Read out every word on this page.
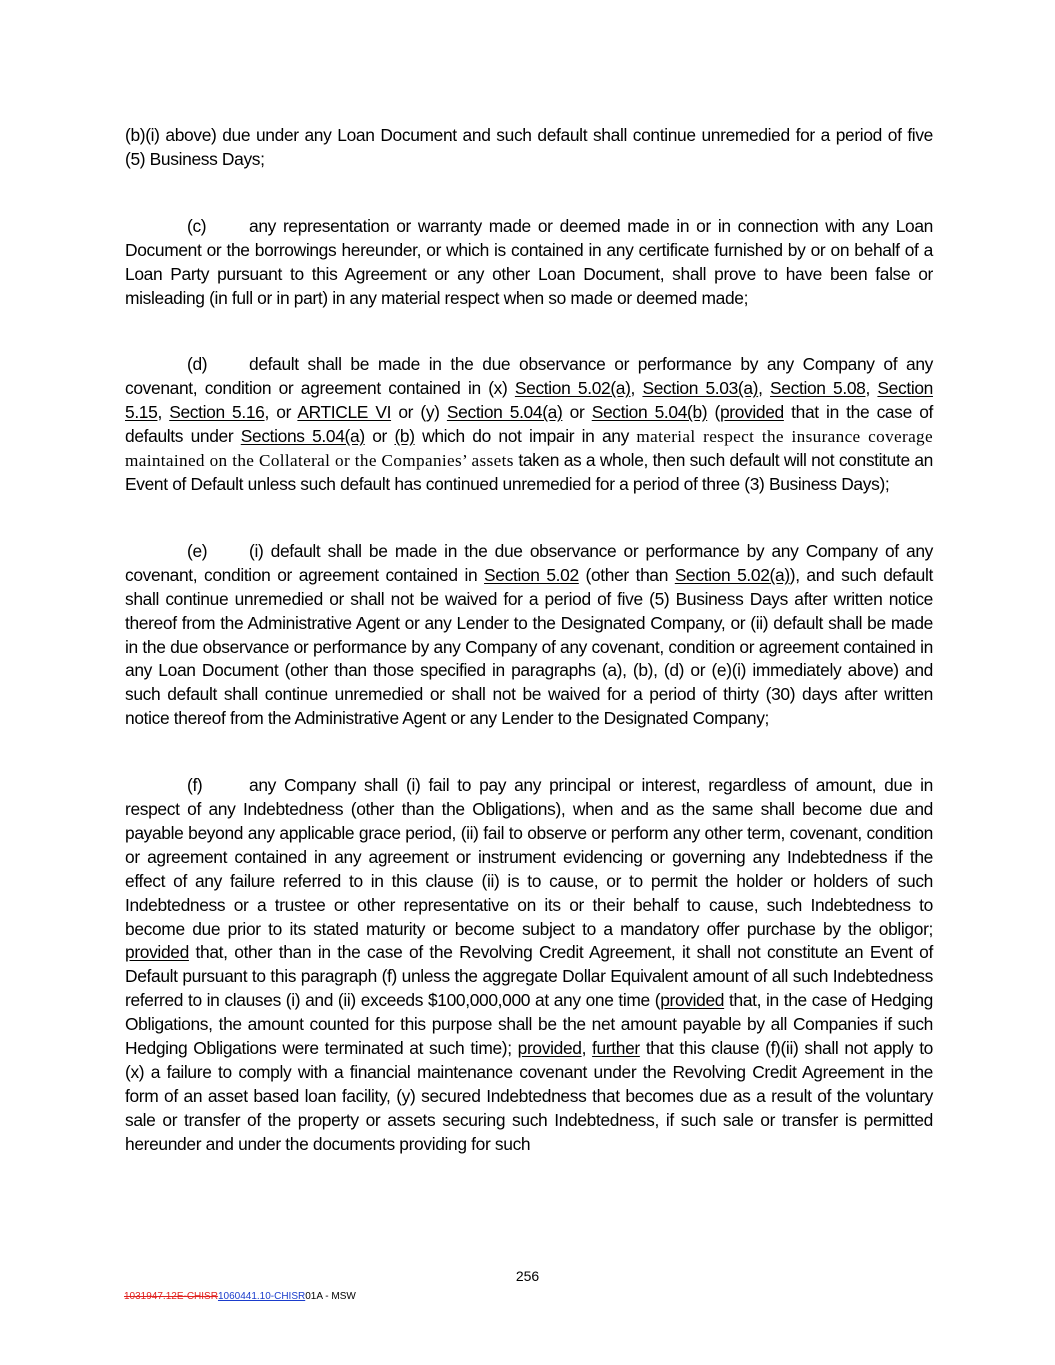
(b)(i) above) due under any Loan Document and such default shall continue unremedied for a period of five (5) Business Days;

(c) any representation or warranty made or deemed made in or in connection with any Loan Document or the borrowings hereunder, or which is contained in any certificate furnished by or on behalf of a Loan Party pursuant to this Agreement or any other Loan Document, shall prove to have been false or misleading (in full or in part) in any material respect when so made or deemed made;

(d) default shall be made in the due observance or performance by any Company of any covenant, condition or agreement contained in (x) Section 5.02(a), Section 5.03(a), Section 5.08, Section 5.15, Section 5.16, or ARTICLE VI or (y) Section 5.04(a) or Section 5.04(b) (provided that in the case of defaults under Sections 5.04(a) or (b) which do not impair in any material respect the insurance coverage maintained on the Collateral or the Companies’ assets taken as a whole, then such default will not constitute an Event of Default unless such default has continued unremedied for a period of three (3) Business Days);

(e) (i) default shall be made in the due observance or performance by any Company of any covenant, condition or agreement contained in Section 5.02 (other than Section 5.02(a)), and such default shall continue unremedied or shall not be waived for a period of five (5) Business Days after written notice thereof from the Administrative Agent or any Lender to the Designated Company, or (ii) default shall be made in the due observance or performance by any Company of any covenant, condition or agreement contained in any Loan Document (other than those specified in paragraphs (a), (b), (d) or (e)(i) immediately above) and such default shall continue unremedied or shall not be waived for a period of thirty (30) days after written notice thereof from the Administrative Agent or any Lender to the Designated Company;

(f)	any Company shall (i) fail to pay any principal or interest, regardless of amount, due in respect of any Indebtedness (other than the Obligations), when and as the same shall become due and payable beyond any applicable grace period, (ii) fail to observe or perform any other term, covenant, condition or agreement contained in any agreement or instrument evidencing or governing any Indebtedness if the effect of any failure referred to in this clause (ii) is to cause, or to permit the holder or holders of such Indebtedness or a trustee or other representative on its or their behalf to cause, such Indebtedness to become due prior to its stated maturity or become subject to a mandatory offer purchase by the obligor; provided that, other than in the case of the Revolving Credit Agreement, it shall not constitute an Event of Default pursuant to this paragraph (f) unless the aggregate Dollar Equivalent amount of all such Indebtedness referred to in clauses (i) and (ii) exceeds $100,000,000 at any one time (provided that, in the case of Hedging Obligations, the amount counted for this purpose shall be the net amount payable by all Companies if such Hedging Obligations were terminated at such time); provided, further that this clause (f)(ii) shall not apply to (x) a failure to comply with a financial maintenance covenant under the Revolving Credit Agreement in the form of an asset based loan facility, (y) secured Indebtedness that becomes due as a result of the voluntary sale or transfer of the property or assets securing such Indebtedness, if such sale or transfer is permitted hereunder and under the documents providing for such

256
1031947.12E-CHISR1060441.10-CHISR01A - MSW
